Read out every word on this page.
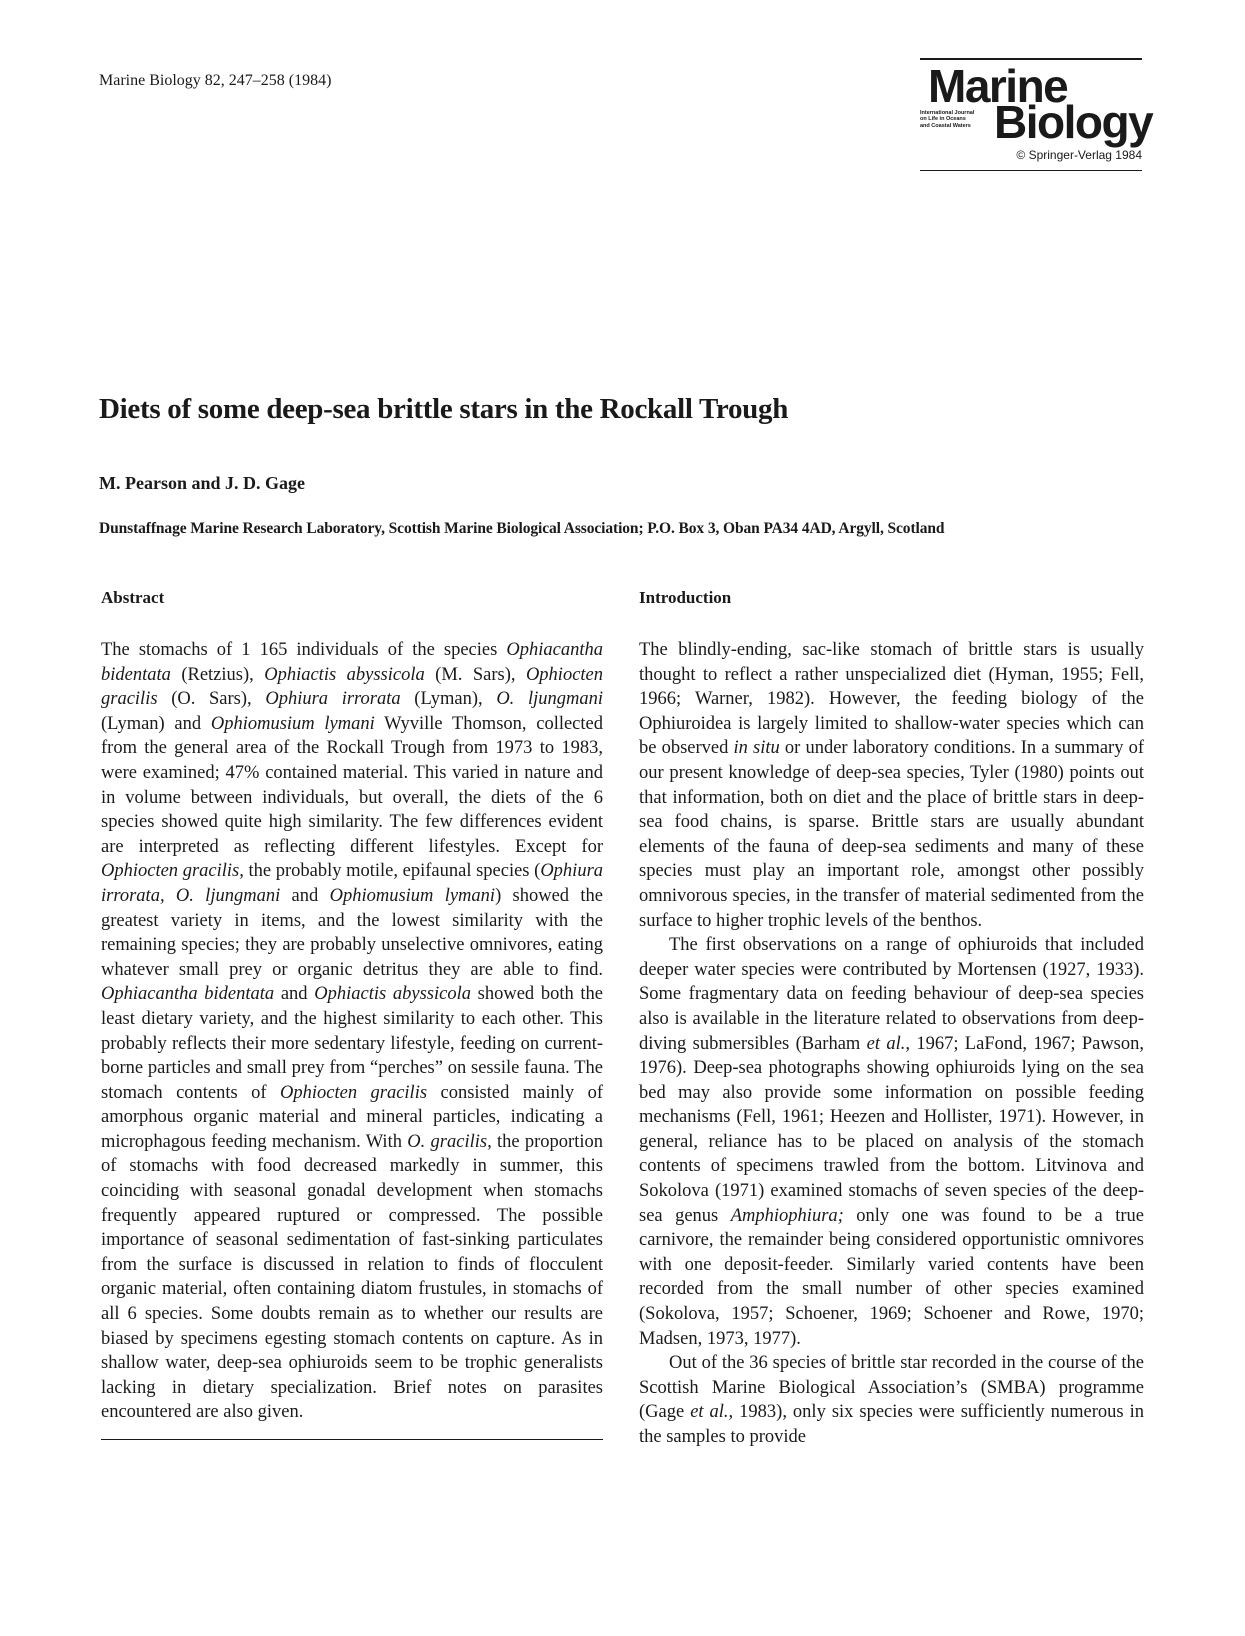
Marine Biology 82, 247–258 (1984)	Marine
International Journal
on Life in Oceans
and Coastal Waters Biology
© Springer-Verlag 1984
Diets of some deep-sea brittle stars in the Rockall Trough
M. Pearson and J. D. Gage
Dunstaffnage Marine Research Laboratory, Scottish Marine Biological Association; P.O. Box 3, Oban PA34 4AD, Argyll, Scotland
Abstract

The stomachs of 1 165 individuals of the species Ophiacantha bidentata (Retzius), Ophiactis abyssicola (M. Sars), Ophiocten gracilis (O. Sars), Ophiura irrorata (Lyman), O. ljungmani (Lyman) and Ophiomusium lymani Wyville Thomson, collected from the general area of the Rockall Trough from 1973 to 1983, were examined; 47% contained material. This varied in nature and in volume between individuals, but overall, the diets of the 6 species showed quite high similarity. The few differences evident are interpreted as reflecting different lifestyles. Except for Ophiocten gracilis, the probably motile, epifaunal species (Ophiura irrorata, O. ljungmani and Ophiomusium lymani) showed the greatest variety in items, and the lowest similarity with the remaining species; they are probably unselective omnivores, eating whatever small prey or organic detritus they are able to find. Ophiacantha bidentata and Ophiactis abyssicola showed both the least dietary variety, and the highest similarity to each other. This probably reflects their more sedentary lifestyle, feeding on current-borne particles and small prey from “perches” on sessile fauna. The stomach contents of Ophiocten gracilis consisted mainly of amorphous organic material and mineral particles, indicating a microphagous feeding mechanism. With O. gracilis, the proportion of stomachs with food decreased markedly in summer, this coinciding with seasonal gonadal development when stomachs frequently appeared ruptured or compressed. The possible importance of seasonal sedimentation of fast-sinking particulates from the surface is discussed in relation to finds of flocculent organic material, often containing diatom frustules, in stomachs of all 6 species. Some doubts remain as to whether our results are biased by specimens egesting stomach contents on capture. As in shallow water, deep-sea ophiuroids seem to be trophic generalists lacking in dietary specialization. Brief notes on parasites encountered are also given.

Introduction

The blindly-ending, sac-like stomach of brittle stars is usually thought to reflect a rather unspecialized diet (Hyman, 1955; Fell, 1966; Warner, 1982). However, the feeding biology of the Ophiuroidea is largely limited to shallow-water species which can be observed in situ or under laboratory conditions. In a summary of our present knowledge of deep-sea species, Tyler (1980) points out that information, both on diet and the place of brittle stars in deep-sea food chains, is sparse. Brittle stars are usually abundant elements of the fauna of deep-sea sediments and many of these species must play an important role, amongst other possibly omnivorous species, in the transfer of material sedimented from the surface to higher trophic levels of the benthos.

The first observations on a range of ophiuroids that included deeper water species were contributed by Mortensen (1927, 1933). Some fragmentary data on feeding behaviour of deep-sea species also is available in the literature related to observations from deep-diving submersibles (Barham et al., 1967; LaFond, 1967; Pawson, 1976). Deep-sea photographs showing ophiuroids lying on the sea bed may also provide some information on possible feeding mechanisms (Fell, 1961; Heezen and Hollister, 1971). However, in general, reliance has to be placed on analysis of the stomach contents of specimens trawled from the bottom. Litvinova and Sokolova (1971) examined stomachs of seven species of the deep-sea genus Amphiophiura; only one was found to be a true carnivore, the remainder being considered opportunistic omnivores with one deposit-feeder. Similarly varied contents have been recorded from the small number of other species examined (Sokolova, 1957; Schoener, 1969; Schoener and Rowe, 1970; Madsen, 1973, 1977).

Out of the 36 species of brittle star recorded in the course of the Scottish Marine Biological Association’s (SMBA) programme (Gage et al., 1983), only six species were sufficiently numerous in the samples to provide
